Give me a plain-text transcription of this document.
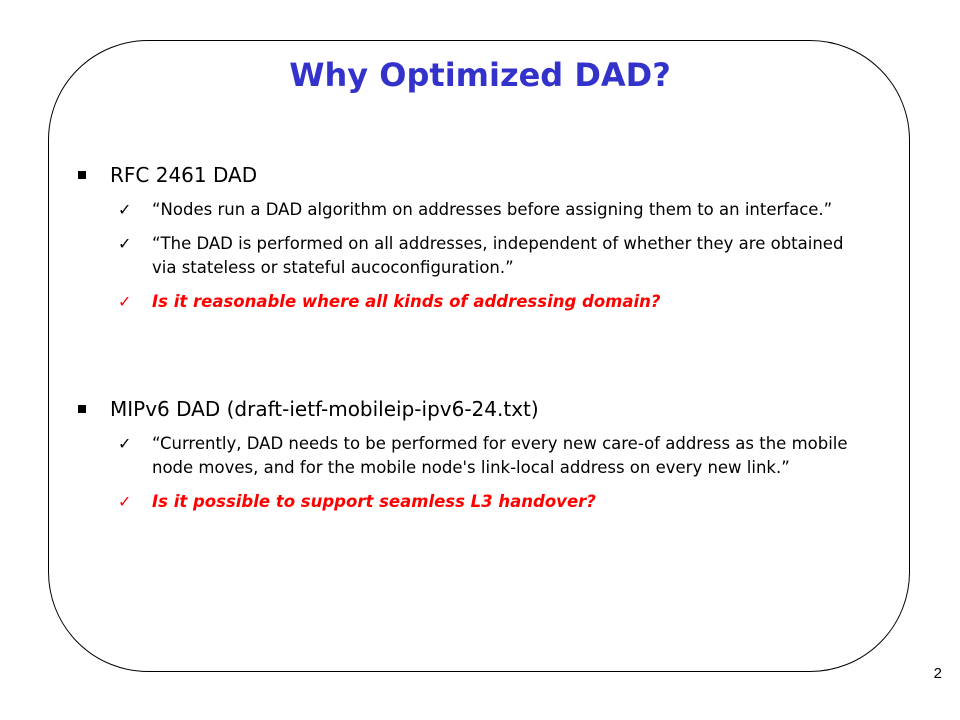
Why Optimized DAD?
RFC 2461 DAD
✓ “Nodes run a DAD algorithm on addresses before assigning them to an interface.”
✓ “The DAD is performed on all addresses, independent of whether they are obtained via stateless or stateful aucoconfiguration.”
✓ Is it reasonable where all kinds of addressing domain?
MIPv6 DAD (draft-ietf-mobileip-ipv6-24.txt)
✓ “Currently, DAD needs to be performed for every new care-of address as the mobile node moves, and for the mobile node's link-local address on every new link.”
✓ Is it possible to support seamless L3 handover?
2
